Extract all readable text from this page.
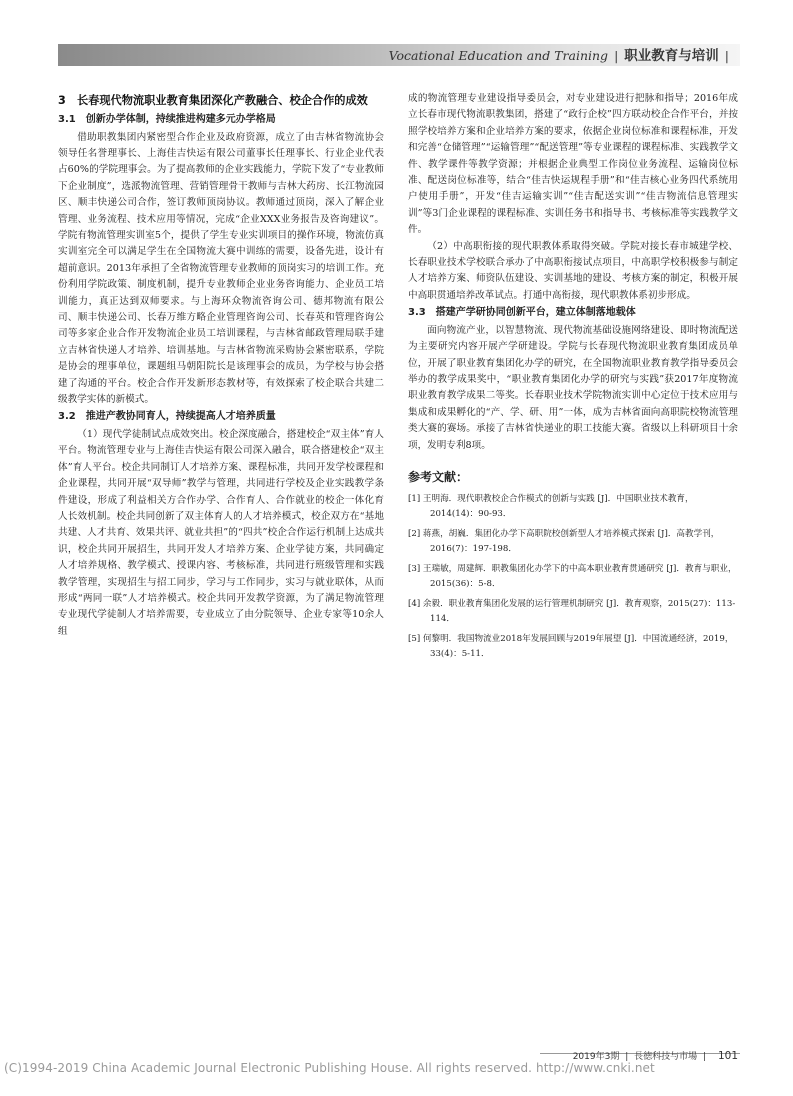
Vocational Education and Training | 职业教育与培训 |
3　长春现代物流职业教育集团深化产教融合、校企合作的成效
3.1　创新办学体制，持续推进构建多元办学格局

借助职教集团内紧密型合作企业及政府资源，成立了由吉林省物流协会领导任名誉理事长、上海佳吉快运有限公司董事长任理事长、行业企业代表占60%的学院理事会。为了提高教师的企业实践能力，学院下发了“专业教师下企业制度”，选派物流管理、营销管理骨干教师与吉林大药房、长江物流园区、顺丰快递公司合作，签订教师顶岗协议。教师通过顶岗，深入了解企业管理、业务流程、技术应用等情况，完成“企业XXX业务报告及咨询建议”。学院有物流管理实训室5个，提供了学生专业实训项目的操作环境，物流仿真实训室完全可以满足学生在全国物流大赛中训练的需要，设备先进，设计有超前意识。2013年承担了全省物流管理专业教师的顶岗实习的培训工作。充份利用学院政策、制度机制，提升专业教师企业业务咨询能力、企业员工培训能力，真正达到双师要求。与上海环众物流咨询公司、德邦物流有限公司、顺丰快递公司、长春万维方略企业管理咨询公司、长春英和管理咨询公司等多家企业合作开发物流企业员工培训课程，与吉林省邮政管理局联手建立吉林省快递人才培养、培训基地。与吉林省物流采购协会紧密联系，学院是协会的理事单位，课题组马朝阳院长是该理事会的成员，为学校与协会搭建了沟通的平台。校企合作开发新形态教材等，有效探索了校企联合共建二级教学实体的新模式。

3.2　推进产教协同育人，持续提高人才培养质量

（1）现代学徒制试点成效突出。校企深度融合，搭建校企“双主体”育人平台。物流管理专业与上海佳吉快运有限公司深入融合，联合搭建校企“双主体”育人平台。校企共同制订人才培养方案、课程标准，共同开发学校课程和企业课程，共同开展“双导师”教学与管理，共同进行学校及企业实践教学条件建设，形成了利益相关方合作办学、合作育人、合作就业的校企一体化育人长效机制。校企共同创新了双主体育人的人才培养模式，校企双方在“基地共建、人才共育、效果共评、就业共担”的“四共”校企合作运行机制上达成共识，校企共同开展招生，共同开发人才培养方案、企业学徒方案，共同确定人才培养规格、教学模式、授课内容、考核标准，共同进行班级管理和实践教学管理，实现招生与招工同步，学习与工作同步，实习与就业联体，从而形成“两同一联”人才培养模式。校企共同开发教学资源，为了满足物流管理专业现代学徒制人才培养需要，专业成立了由分院领导、企业专家等10余人组

成的物流管理专业建设指导委员会，对专业建设进行把脉和指导；2016年成立长春市现代物流职教集团，搭建了“政行企校”四方联动校企合作平台，并按照学校培养方案和企业培养方案的要求，依据企业岗位标准和课程标准，开发和完善“仓储管理”“运输管理”“配送管理”等专业课程的课程标准、实践教学文件、教学课件等教学资源；并根据企业典型工作岗位业务流程、运输岗位标准、配送岗位标准等，结合“佳吉快运规程手册”和“佳吉核心业务四代系统用户使用手册”，开发“佳吉运输实训”“佳吉配送实训”“佳吉物流信息管理实训”等3门企业课程的课程标准、实训任务书和指导书、考核标准等实践教学文件。

（2）中高职衔接的现代职教体系取得突破。学院对接长春市城建学校、长春职业技术学校联合承办了中高职衔接试点项目，中高职学校积极参与制定人才培养方案、师资队伍建设、实训基地的建设、考核方案的制定，积极开展中高职贯通培养改革试点。打通中高衔接，现代职教体系初步形成。

3.3　搭建产学研协同创新平台，建立体制落地载体

面向物流产业，以智慧物流、现代物流基础设施网络建设、即时物流配送为主要研究内容开展产学研建设。学院与长春现代物流职业教育集团成员单位，开展了职业教育集团化办学的研究，在全国物流职业教育教学指导委员会举办的教学成果奖中，“职业教育集团化办学的研究与实践”获2017年度物流职业教育教学成果二等奖。长春职业技术学院物流实训中心定位于技术应用与集成和成果孵化的“产、学、研、用”一体，成为吉林省面向高职院校物流管理类大赛的赛场。承接了吉林省快递业的职工技能大赛。省级以上科研项目十余项，发明专利8项。

参考文献：

[1] 王明海．现代职教校企合作模式的创新与实践 [J]．中国职业技术教育，2014(14)：90-93．

[2] 蒋燕，胡巍．集团化办学下高职院校创新型人才培养模式探索 [J]．高教学刊，2016(7)：197-198．

[3] 王瑞敏，周建辉．职教集团化办学下的中高本职业教育贯通研究 [J]．教育与职业，2015(36)：5-8．

[4] 余毅．职业教育集团化发展的运行管理机制研究 [J]．教育观察，2015(27)：113-114．

[5] 何黎明．我国物流业2018年发展回顾与2019年展望 [J]．中国流通经济，2019，33(4)：5-11．

2019年3期 | 長徳科技与市場 | 101
(C)1994-2019 China Academic Journal Electronic Publishing House. All rights reserved. http://www.cnki.net
